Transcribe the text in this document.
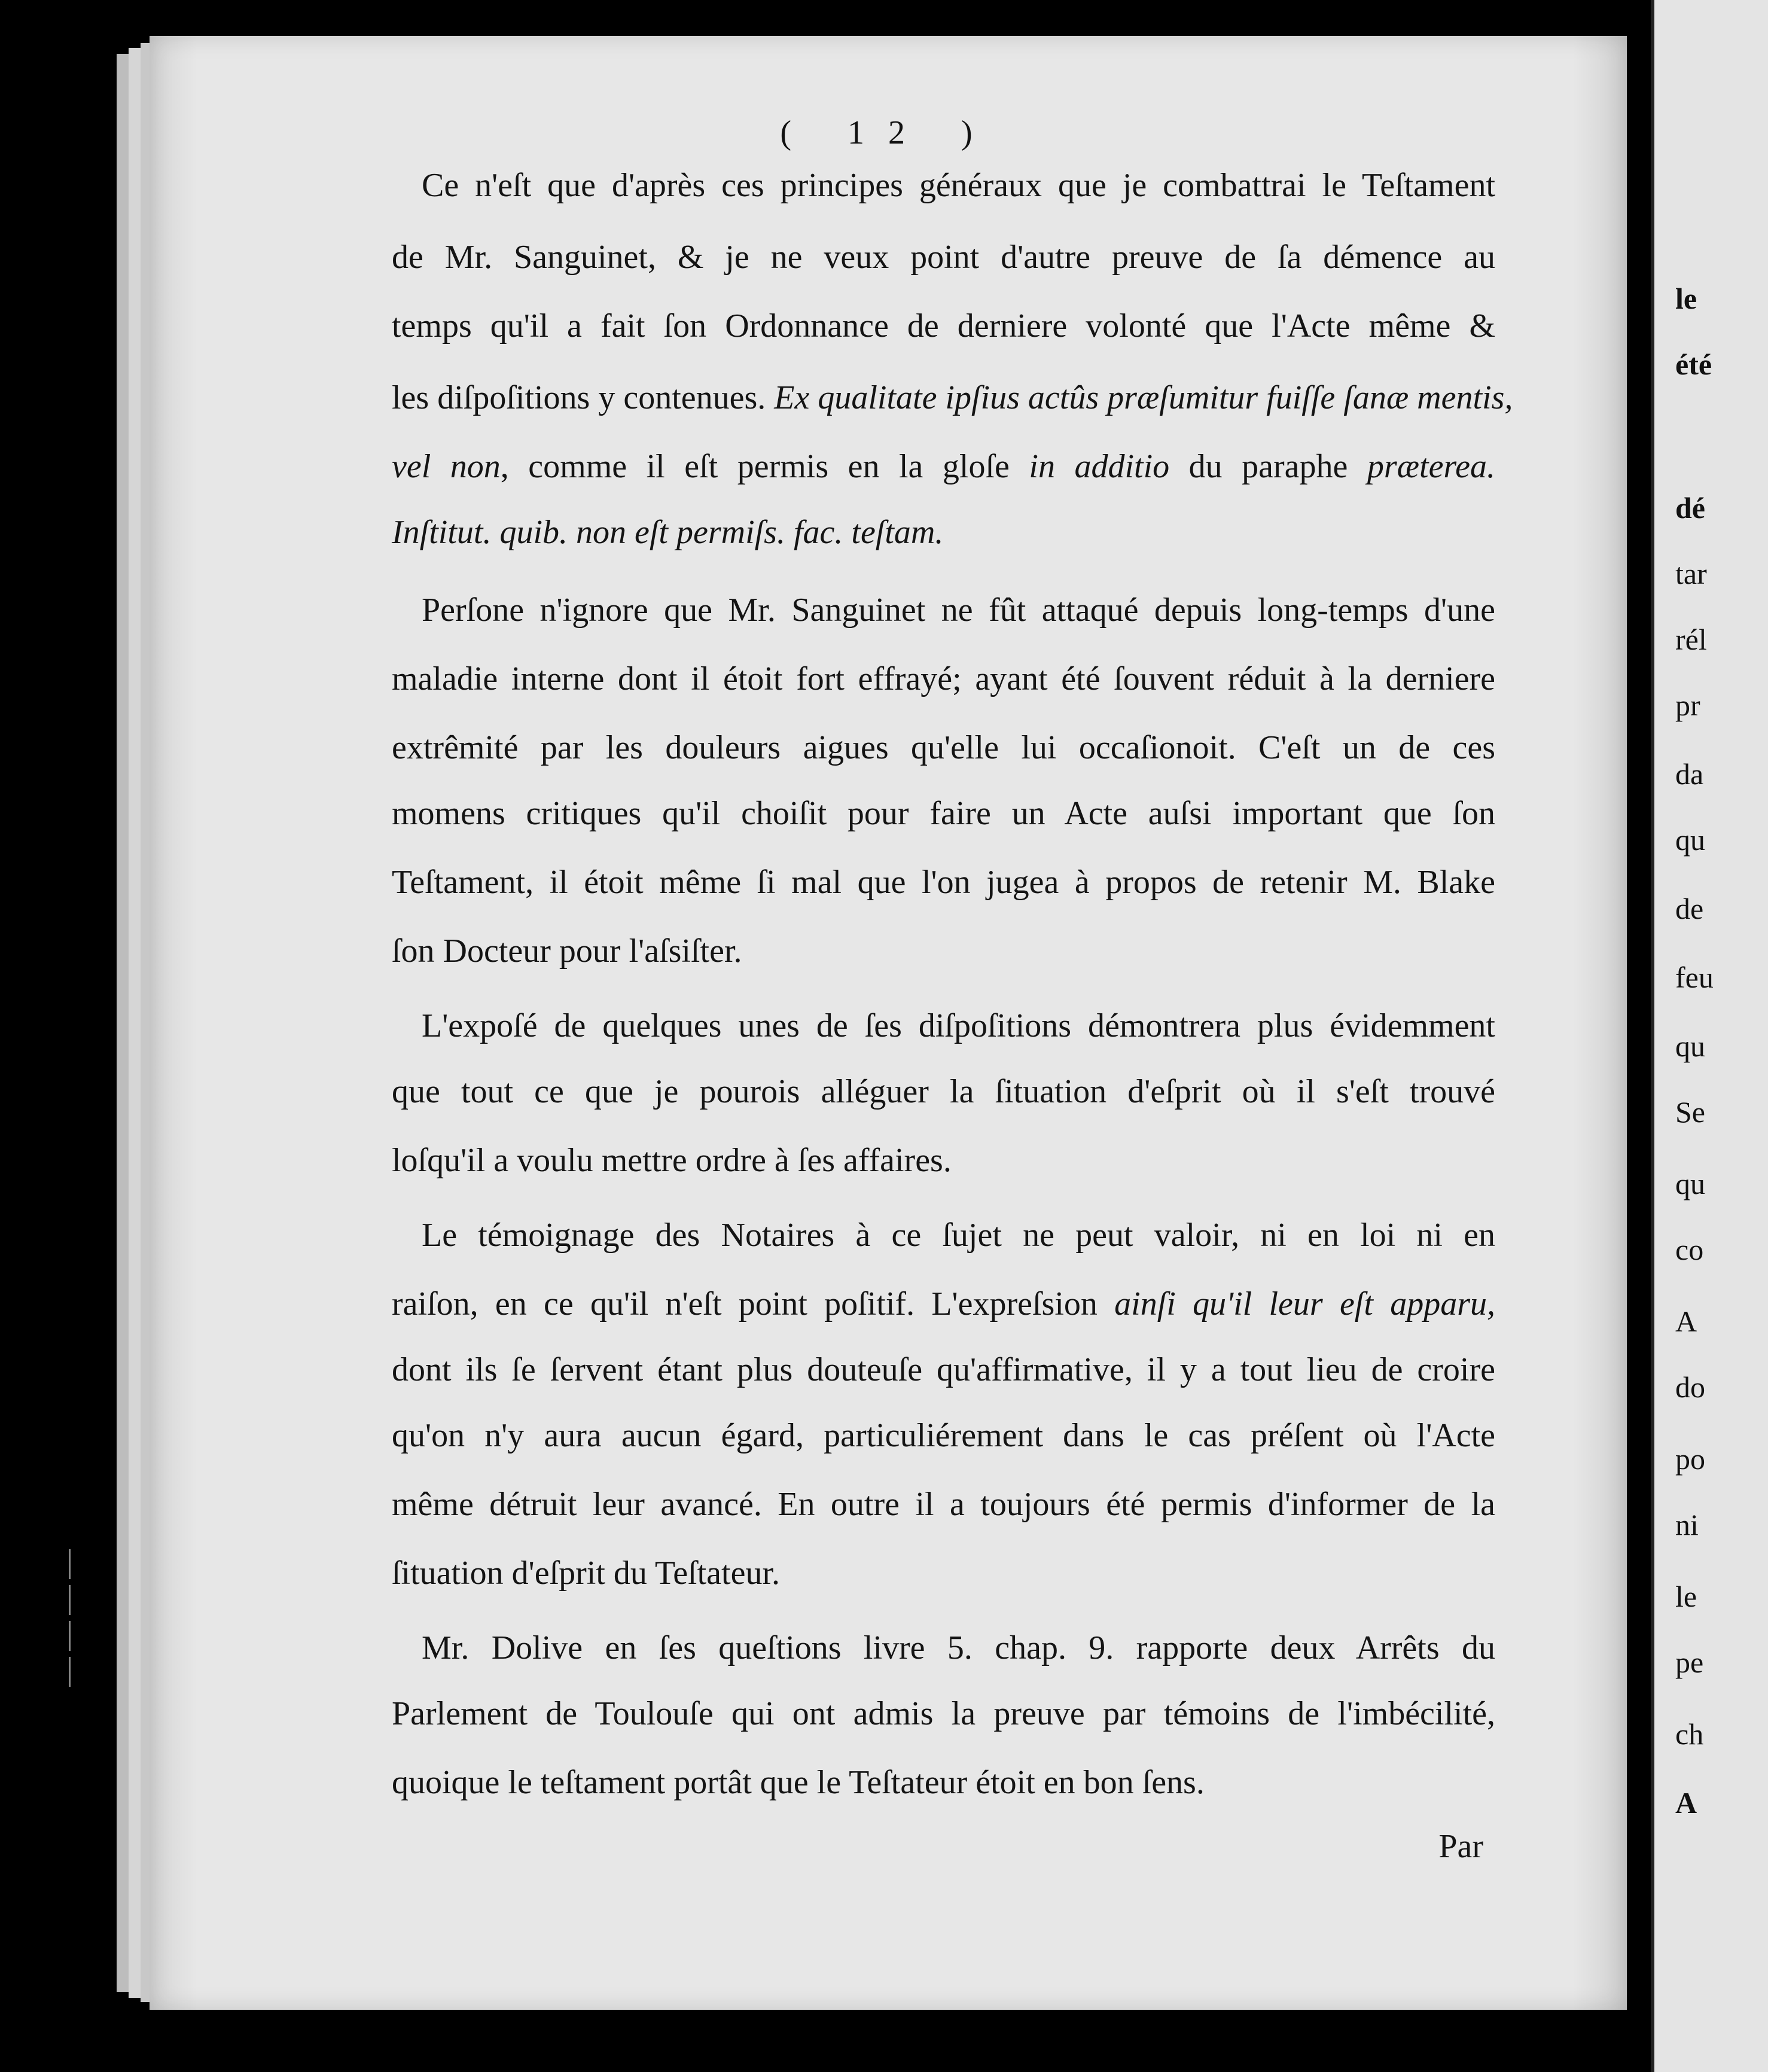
( 12 )
Ce n'eſt que d'après ces principes généraux que je combattrai le Teſtament
de Mr. Sanguinet, & je ne veux point d'autre preuve de ſa démence au
temps qu'il a fait ſon Ordonnance de derniere volonté que l'Acte même &
les diſpoſitions y contenues. Ex qualitate ipſius actûs præſumitur fuiſſe ſanæ mentis,
vel non, comme il eſt permis en la gloſe in additio du paraphe præterea.
Inſtitut. quib. non eſt permiſs. fac. teſtam.
Perſone n'ignore que Mr. Sanguinet ne fût attaqué depuis long-temps d'une
maladie interne dont il étoit fort effrayé; ayant été ſouvent réduit à la derniere
extrêmité par les douleurs aigues qu'elle lui occaſionoit. C'eſt un de ces
momens critiques qu'il choiſit pour faire un Acte auſsi important que ſon
Teſtament, il étoit même ſi mal que l'on jugea à propos de retenir M. Blake
ſon Docteur pour l'aſsiſter.
L'expoſé de quelques unes de ſes diſpoſitions démontrera plus évidemment
que tout ce que je pourois alléguer la ſituation d'eſprit où il s'eſt trouvé
loſqu'il a voulu mettre ordre à ſes affaires.
Le témoignage des Notaires à ce ſujet ne peut valoir, ni en loi ni en
raiſon, en ce qu'il n'eſt point poſitif. L'expreſsion ainſi qu'il leur eſt apparu,
dont ils ſe ſervent étant plus douteuſe qu'affirmative, il y a tout lieu de croire
qu'on n'y aura aucun égard, particuliérement dans le cas préſent où l'Acte
même détruit leur avancé. En outre il a toujours été permis d'informer de la
ſituation d'eſprit du Teſtateur.
Mr. Dolive en ſes queſtions livre 5. chap. 9. rapporte deux Arrêts du
Parlement de Toulouſe qui ont admis la preuve par témoins de l'imbécilité,
quoique le teſtament portât que le Teſtateur étoit en bon ſens.
Par
le
été
dé
tar
rél
pr
da
qu
de
feu
qu
Se
qu
co
A
do
po
ni
le
pe
ch
A
